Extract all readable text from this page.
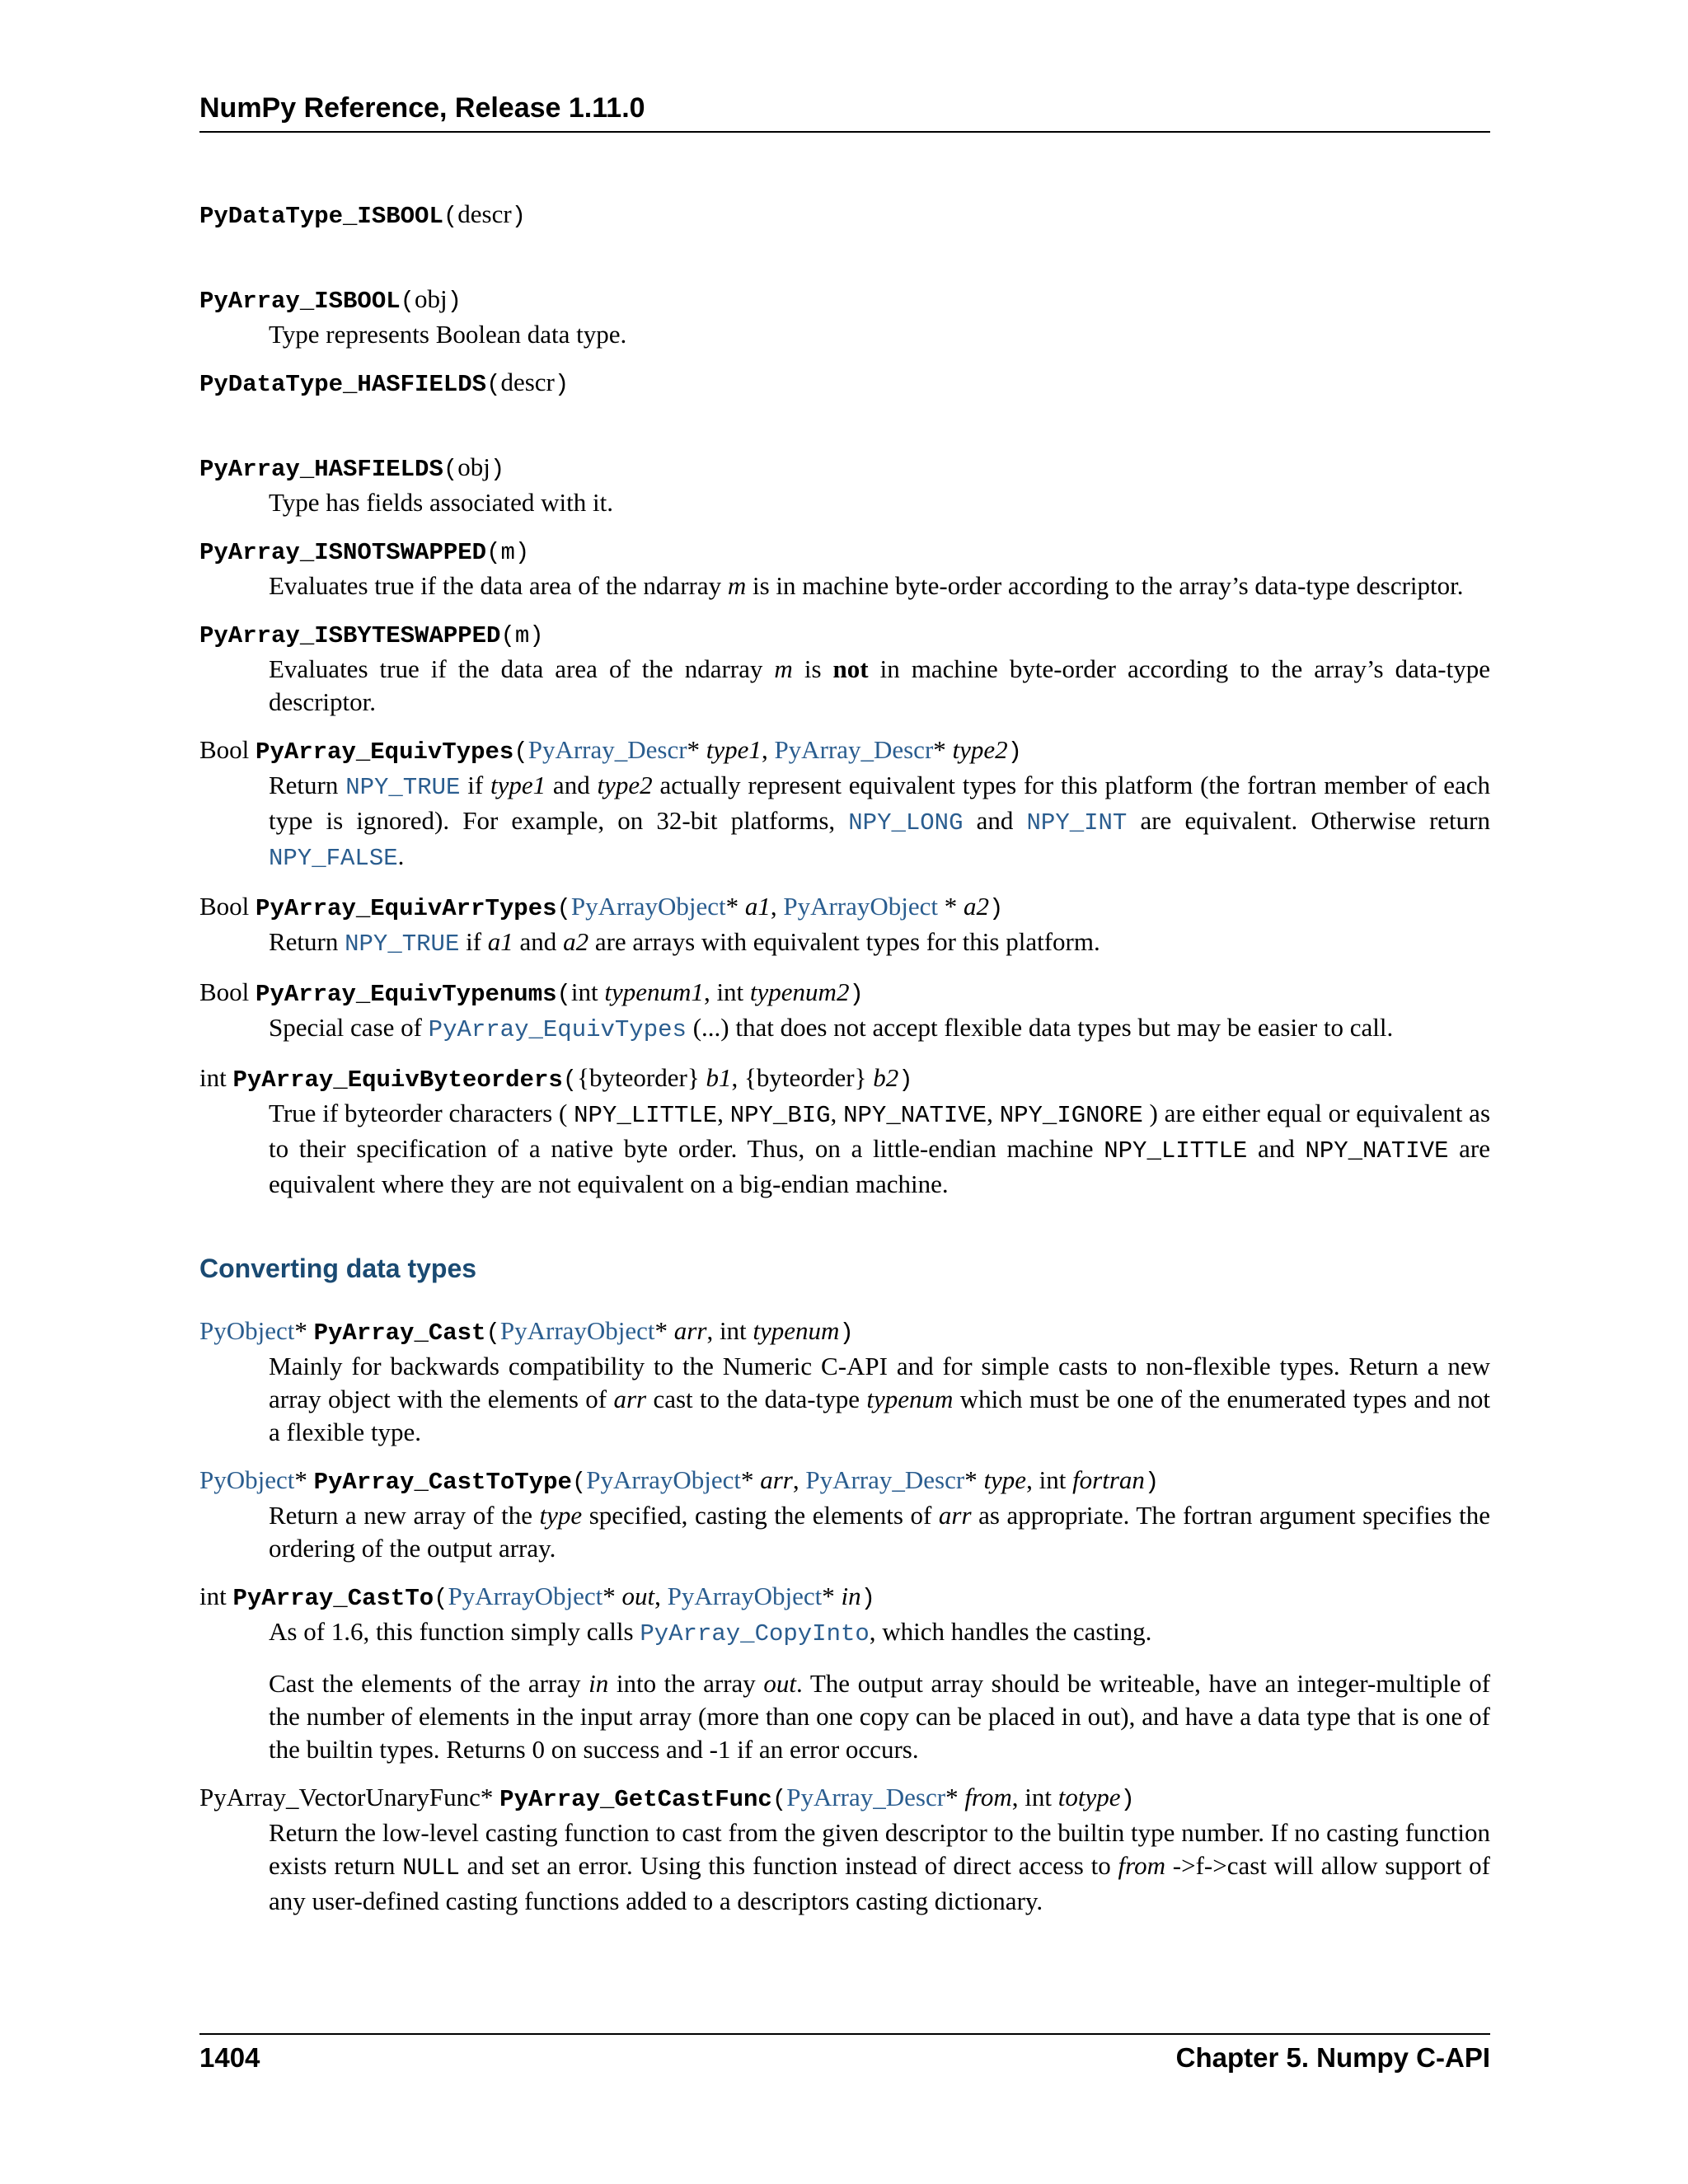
NumPy Reference, Release 1.11.0

PyDataType_ISBOOL(descr)

PyArray_ISBOOL(obj)

Type represents Boolean data type.

PyDataType_HASFIELDS(descr)

PyArray_HASFIELDS(obj)

Type has fields associated with it.

PyArray_ISNOTSWAPPED(m)

Evaluates true if the data area of the ndarray m is in machine byte-order according to the array’s data-type descriptor.

PyArray_ISBYTESWAPPED(m)

Evaluates true if the data area of the ndarray m is not in machine byte-order according to the array’s data-type descriptor.

Bool PyArray_EquivTypes(PyArray_Descr* type1, PyArray_Descr* type2)

Return NPY_TRUE if type1 and type2 actually represent equivalent types for this platform (the fortran member of each type is ignored). For example, on 32-bit platforms, NPY_LONG and NPY_INT are equivalent. Otherwise return NPY_FALSE.

Bool PyArray_EquivArrTypes(PyArrayObject* a1, PyArrayObject * a2)

Return NPY_TRUE if a1 and a2 are arrays with equivalent types for this platform.

Bool PyArray_EquivTypenums(int typenum1, int typenum2)

Special case of PyArray_EquivTypes (...) that does not accept flexible data types but may be easier to call.

int PyArray_EquivByteorders({byteorder} b1, {byteorder} b2)

True if byteorder characters ( NPY_LITTLE, NPY_BIG, NPY_NATIVE, NPY_IGNORE ) are either equal or equivalent as to their specification of a native byte order. Thus, on a little-endian machine NPY_LITTLE and NPY_NATIVE are equivalent where they are not equivalent on a big-endian machine.

Converting data types

PyObject* PyArray_Cast(PyArrayObject* arr, int typenum)

Mainly for backwards compatibility to the Numeric C-API and for simple casts to non-flexible types. Return a new array object with the elements of arr cast to the data-type typenum which must be one of the enumerated types and not a flexible type.

PyObject* PyArray_CastToType(PyArrayObject* arr, PyArray_Descr* type, int fortran)

Return a new array of the type specified, casting the elements of arr as appropriate. The fortran argument specifies the ordering of the output array.

int PyArray_CastTo(PyArrayObject* out, PyArrayObject* in)

As of 1.6, this function simply calls PyArray_CopyInto, which handles the casting.

Cast the elements of the array in into the array out. The output array should be writeable, have an integer-multiple of the number of elements in the input array (more than one copy can be placed in out), and have a data type that is one of the builtin types. Returns 0 on success and -1 if an error occurs.

PyArray_VectorUnaryFunc* PyArray_GetCastFunc(PyArray_Descr* from, int totype)

Return the low-level casting function to cast from the given descriptor to the builtin type number. If no casting function exists return NULL and set an error. Using this function instead of direct access to from ->f->cast will allow support of any user-defined casting functions added to a descriptors casting dictionary.

1404	Chapter 5. Numpy C-API
